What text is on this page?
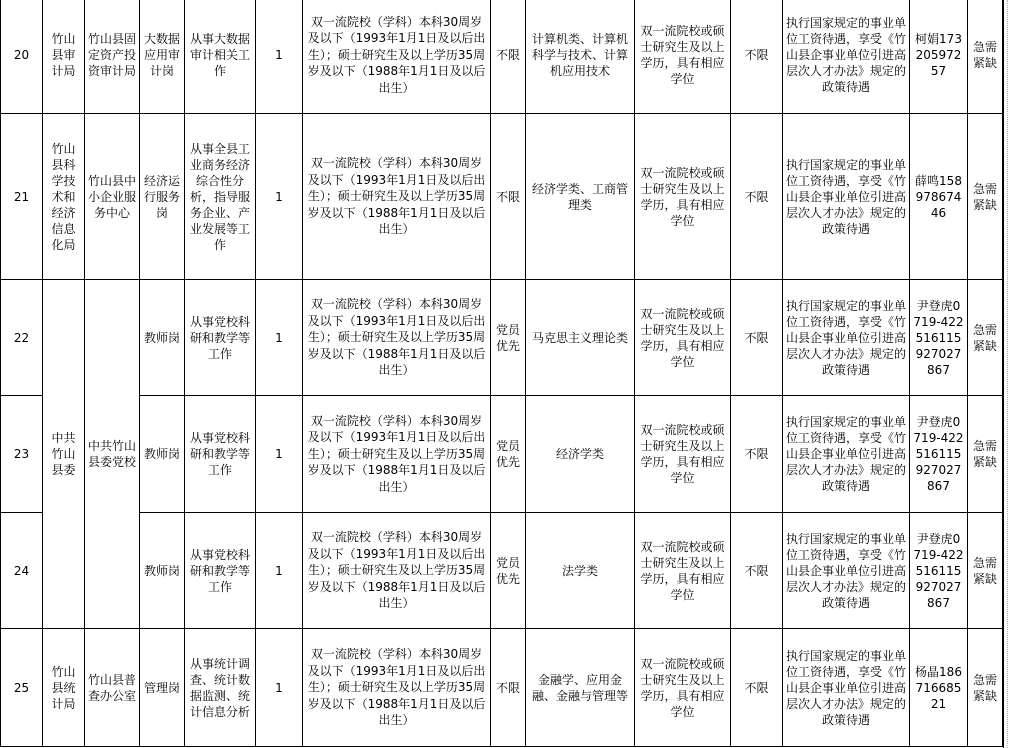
20	竹山县审计局	竹山县固定资产投资审计局	大数据应用审计岗	从事大数据审计相关工作	1	双一流院校（学科）本科30周岁及以下（1993年1月1日及以后出生）；硕士研究生及以上学历35周岁及以下（1988年1月1日及以后出生）	不限	计算机类、计算机科学与技术、计算机应用技术	双一流院校或硕士研究生及以上学历，具有相应学位	不限	执行国家规定的事业单位工资待遇，享受《竹山县企事业单位引进高层次人才办法》规定的政策待遇	柯娟17320597257	急需紧缺
21	竹山县科学技术和经济信息化局	竹山县中小企业服务中心	经济运行服务岗	从事全县工业商务经济综合性分析，指导服务企业、产业发展等工作	1	双一流院校（学科）本科30周岁及以下（1993年1月1日及以后出生）；硕士研究生及以上学历35周岁及以下（1988年1月1日及以后出生）	不限	经济学类、工商管理类	双一流院校或硕士研究生及以上学历，具有相应学位	不限	执行国家规定的事业单位工资待遇，享受《竹山县企事业单位引进高层次人才办法》规定的政策待遇	薛鸣15897867446	急需紧缺
22	中共竹山县委	中共竹山县委党校	教师岗	从事党校科研和教学等工作	1	双一流院校（学科）本科30周岁及以下（1993年1月1日及以后出生）；硕士研究生及以上学历35周岁及以下（1988年1月1日及以后出生）	党员优先	马克思主义理论类	双一流院校或硕士研究生及以上学历，具有相应学位	不限	执行国家规定的事业单位工资待遇，享受《竹山县企事业单位引进高层次人才办法》规定的政策待遇	尹登虎0719-422516115927027867	急需紧缺
23			教师岗	从事党校科研和教学等工作	1	双一流院校（学科）本科30周岁及以下（1993年1月1日及以后出生）；硕士研究生及以上学历35周岁及以下（1988年1月1日及以后出生）	党员优先	经济学类	双一流院校或硕士研究生及以上学历，具有相应学位	不限	执行国家规定的事业单位工资待遇，享受《竹山县企事业单位引进高层次人才办法》规定的政策待遇	尹登虎0719-422516115927027867	急需紧缺
24			教师岗	从事党校科研和教学等工作	1	双一流院校（学科）本科30周岁及以下（1993年1月1日及以后出生）；硕士研究生及以上学历35周岁及以下（1988年1月1日及以后出生）	党员优先	法学类	双一流院校或硕士研究生及以上学历，具有相应学位	不限	执行国家规定的事业单位工资待遇，享受《竹山县企事业单位引进高层次人才办法》规定的政策待遇	尹登虎0719-422516115927027867	急需紧缺
25	竹山县统计局	竹山县普查办公室	管理岗	从事统计调查、统计数据监测、统计信息分析	1	双一流院校（学科）本科30周岁及以下（1993年1月1日及以后出生）；硕士研究生及以上学历35周岁及以下（1988年1月1日及以后出生）	不限	金融学、应用金融、金融与管理等	双一流院校或硕士研究生及以上学历，具有相应学位	不限	执行国家规定的事业单位工资待遇，享受《竹山县企事业单位引进高层次人才办法》规定的政策待遇	杨晶18671668521	急需紧缺
